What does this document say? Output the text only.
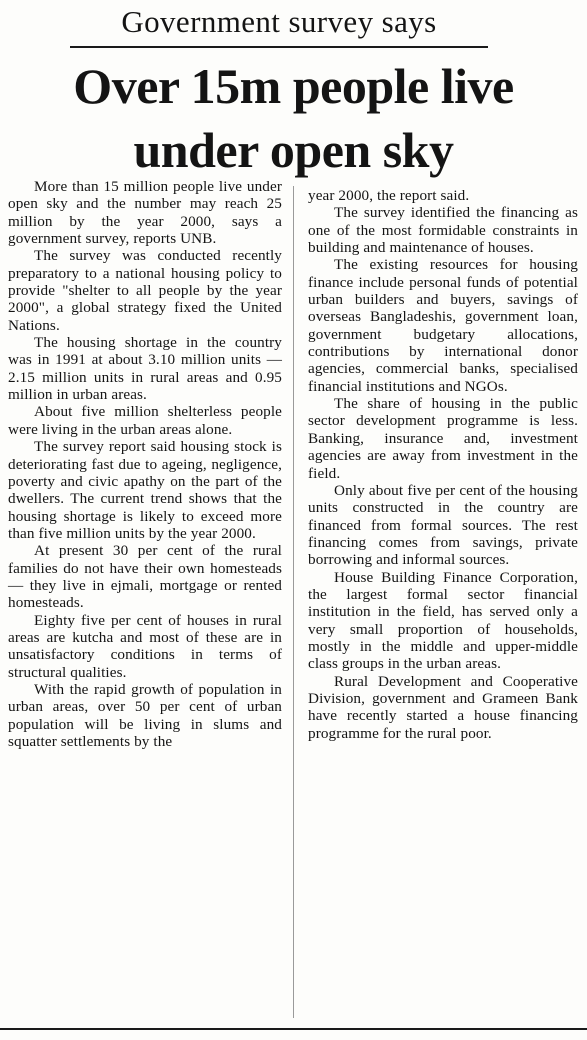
Government survey says
Over 15m people live
under open sky

More than 15 million people live under open sky and the number may reach 25 million by the year 2000, says a government survey, reports UNB.

The survey was conducted recently preparatory to a national housing policy to provide "shelter to all people by the year 2000", a global strategy fixed the United Nations.

The housing shortage in the country was in 1991 at about 3.10 million units — 2.15 million units in rural areas and 0.95 million in urban areas.

About five million shelterless people were living in the urban areas alone.

The survey report said housing stock is deteriorating fast due to ageing, negligence, poverty and civic apathy on the part of the dwellers. The current trend shows that the housing shortage is likely to exceed more than five million units by the year 2000.

At present 30 per cent of the rural families do not have their own homesteads — they live in ejmali, mortgage or rented homesteads.

Eighty five per cent of houses in rural areas are kutcha and most of these are in unsatisfactory conditions in terms of structural qualities.

With the rapid growth of population in urban areas, over 50 per cent of urban population will be living in slums and squatter settlements by the

year 2000, the report said.

The survey identified the financing as one of the most formidable constraints in building and maintenance of houses.

The existing resources for housing finance include personal funds of potential urban builders and buyers, savings of overseas Bangladeshis, government loan, government budgetary allocations, contributions by international donor agencies, commercial banks, specialised financial institutions and NGOs.

The share of housing in the public sector development programme is less. Banking, insurance and, investment agencies are away from investment in the field.

Only about five per cent of the housing units constructed in the country are financed from formal sources. The rest financing comes from savings, private borrowing and informal sources.

House Building Finance Corporation, the largest formal sector financial institution in the field, has served only a very small proportion of households, mostly in the middle and upper-middle class groups in the urban areas.

Rural Development and Cooperative Division, government and Grameen Bank have recently started a house financing programme for the rural poor.
